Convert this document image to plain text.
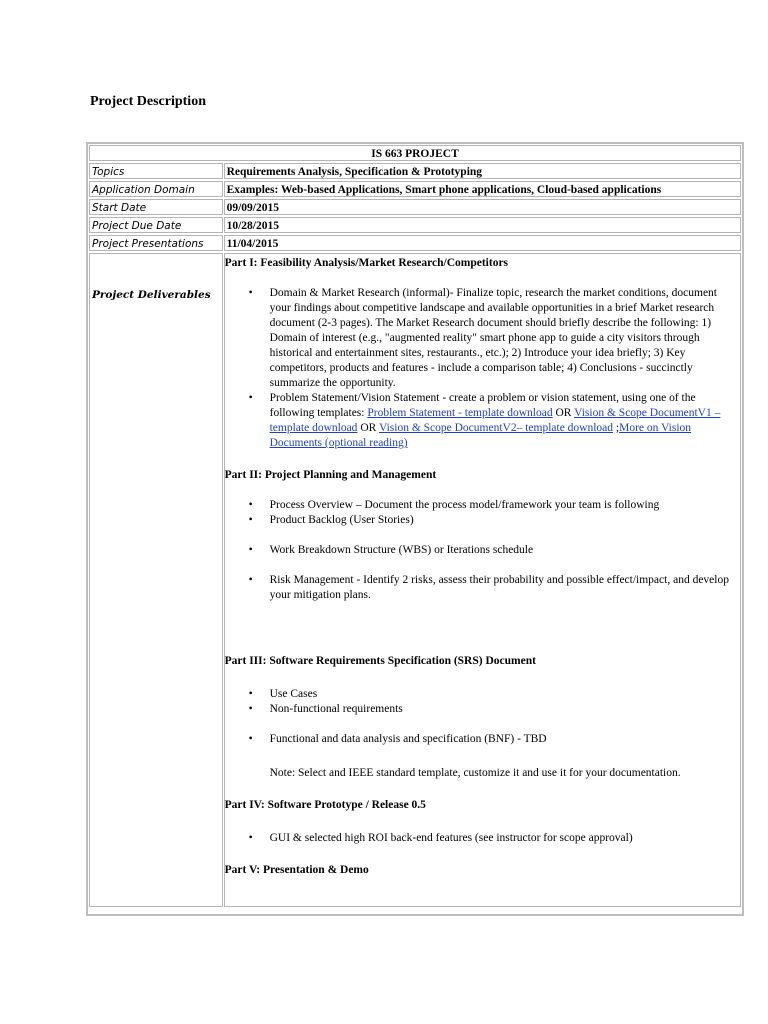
Project Description
IS 663 PROJECT
Topics	Requirements Analysis, Specification & Prototyping
Application Domain	Examples: Web-based Applications, Smart phone applications, Cloud-based applications
Start Date	09/09/2015
Project Due Date	10/28/2015
Project Presentations	11/04/2015
Project Deliverables

Part I: Feasibility Analysis/Market Research/Competitors

• Domain & Market Research (informal)- Finalize topic, research the market conditions, document your findings about competitive landscape and available opportunities in a brief Market research document (2-3 pages). The Market Research document should briefly describe the following: 1) Domain of interest (e.g., "augmented reality" smart phone app to guide a city visitors through historical and entertainment sites, restaurants., etc.); 2) Introduce your idea briefly; 3) Key competitors, products and features - include a comparison table; 4) Conclusions - succinctly summarize the opportunity.
• Problem Statement/Vision Statement - create a problem or vision statement, using one of the following templates: Problem Statement - template download OR Vision & Scope DocumentV1 – template download OR Vision & Scope DocumentV2– template download ;More on Vision Documents (optional reading)

Part II: Project Planning and Management

• Process Overview – Document the process model/framework your team is following
• Product Backlog (User Stories)
• Work Breakdown Structure (WBS) or Iterations schedule
• Risk Management - Identify 2 risks, assess their probability and possible effect/impact, and develop your mitigation plans.

Part III: Software Requirements Specification (SRS) Document

• Use Cases
• Non-functional requirements
• Functional and data analysis and specification (BNF) - TBD

Note: Select and IEEE standard template, customize it and use it for your documentation.

Part IV: Software Prototype / Release 0.5

• GUI & selected high ROI back-end features (see instructor for scope approval)

Part V: Presentation & Demo
